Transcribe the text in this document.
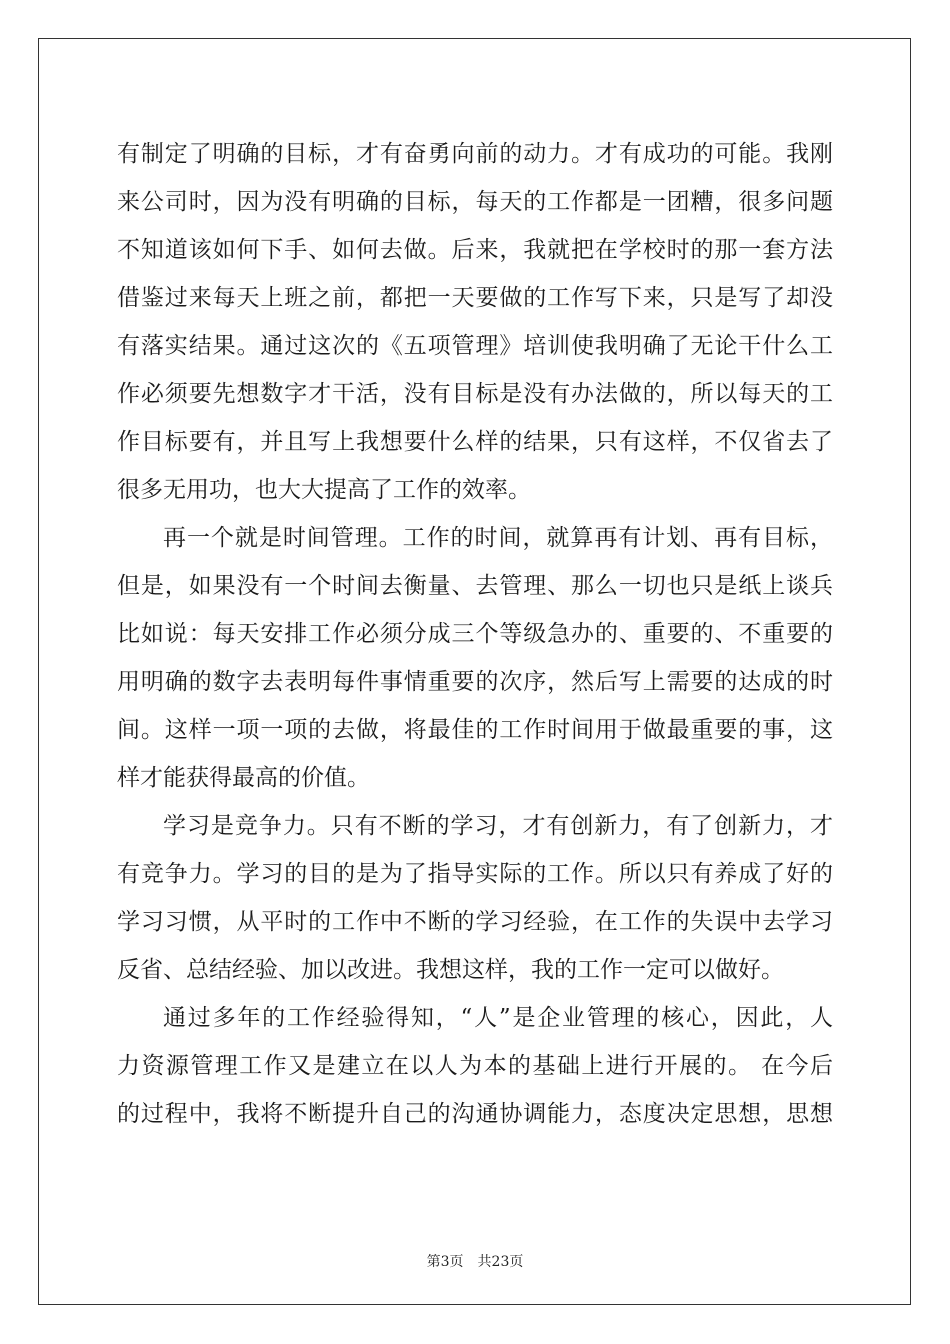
有制定了明确的目标，才有奋勇向前的动力。才有成功的可能。我刚
来公司时，因为没有明确的目标，每天的工作都是一团糟，很多问题
不知道该如何下手、如何去做。后来，我就把在学校时的那一套方法
借鉴过来每天上班之前，都把一天要做的工作写下来，只是写了却没
有落实结果。通过这次的《五项管理》培训使我明确了无论干什么工
作必须要先想数字才干活，没有目标是没有办法做的，所以每天的工
作目标要有，并且写上我想要什么样的结果，只有这样，不仅省去了
很多无用功，也大大提高了工作的效率。
再一个就是时间管理。工作的时间，就算再有计划、再有目标，
但是，如果没有一个时间去衡量、去管理、那么一切也只是纸上谈兵
比如说：每天安排工作必须分成三个等级急办的、重要的、不重要的
用明确的数字去表明每件事情重要的次序，然后写上需要的达成的时
间。这样一项一项的去做，将最佳的工作时间用于做最重要的事，这
样才能获得最高的价值。
学习是竞争力。只有不断的学习，才有创新力，有了创新力，才
有竞争力。学习的目的是为了指导实际的工作。所以只有养成了好的
学习习惯，从平时的工作中不断的学习经验，在工作的失误中去学习
反省、总结经验、加以改进。我想这样，我的工作一定可以做好。
通过多年的工作经验得知，“人”是企业管理的核心，因此，人
力资源管理工作又是建立在以人为本的基础上进行开展的。 在今后
的过程中，我将不断提升自己的沟通协调能力，态度决定思想，思想
第3页　共23页
